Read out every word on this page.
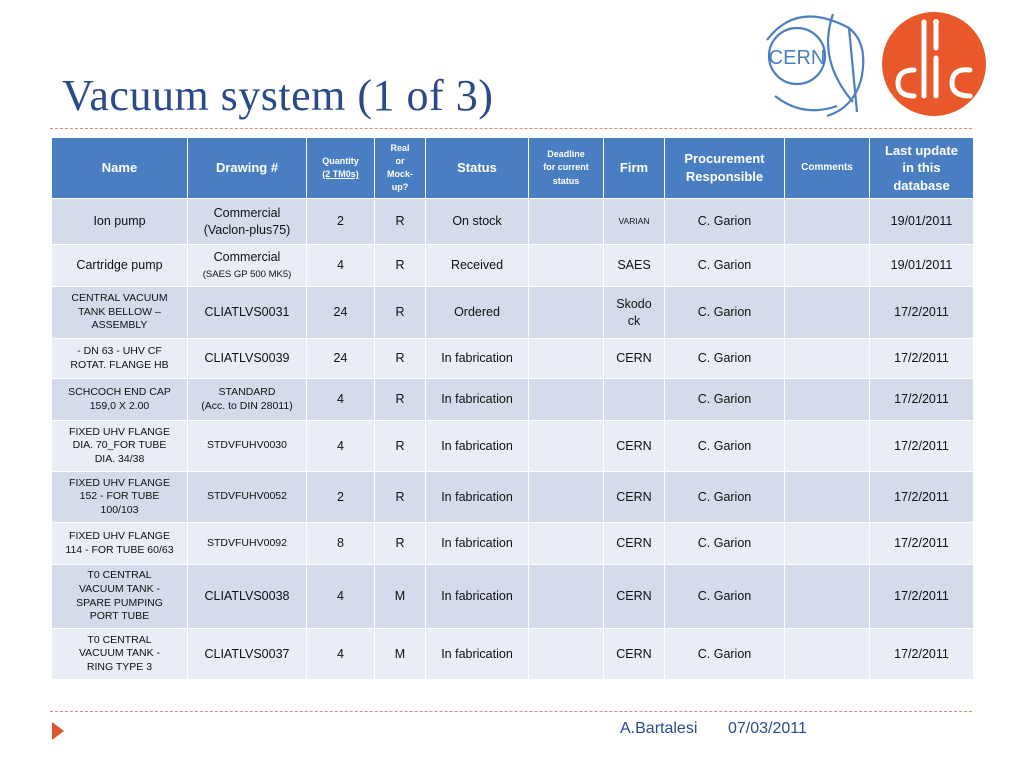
Vacuum system (1 of 3)
CERN
clic
Name	Drawing #	Quantity
(2 TM0s)	Real
or
Mock-
up?	Status	Deadline
for current
status	Firm	Procurement
Responsible	Comments	Last update
in this
database
Ion pump	Commercial
(Vaclon-plus75)	2	R	On stock		VARIAN	C. Garion		19/01/2011
Cartridge pump	Commercial
(SAES GP 500 MK5)	4	R	Received		SAES	C. Garion		19/01/2011
CENTRAL VACUUM
TANK BELLOW –
ASSEMBLY	CLIATLVS0031	24	R	Ordered		Skodo
ck	C. Garion		17/2/2011
- DN 63 - UHV CF
ROTAT. FLANGE HB	CLIATLVS0039	24	R	In fabrication		CERN	C. Garion		17/2/2011
SCHCOCH END CAP
159,0 X 2.00	STANDARD
(Acc. to DIN 28011)	4	R	In fabrication			C. Garion		17/2/2011
FIXED UHV FLANGE
DIA. 70_FOR TUBE
DIA. 34/38	STDVFUHV0030	4	R	In fabrication		CERN	C. Garion		17/2/2011
FIXED UHV FLANGE
152 - FOR TUBE
100/103	STDVFUHV0052	2	R	In fabrication		CERN	C. Garion		17/2/2011
FIXED UHV FLANGE
114 - FOR TUBE 60/63	STDVFUHV0092	8	R	In fabrication		CERN	C. Garion		17/2/2011
T0 CENTRAL
VACUUM TANK -
SPARE PUMPING
PORT TUBE	CLIATLVS0038	4	M	In fabrication		CERN	C. Garion		17/2/2011
T0 CENTRAL
VACUUM TANK -
RING TYPE 3	CLIATLVS0037	4	M	In fabrication		CERN	C. Garion		17/2/2011
A.Bartalesi 07/03/2011
